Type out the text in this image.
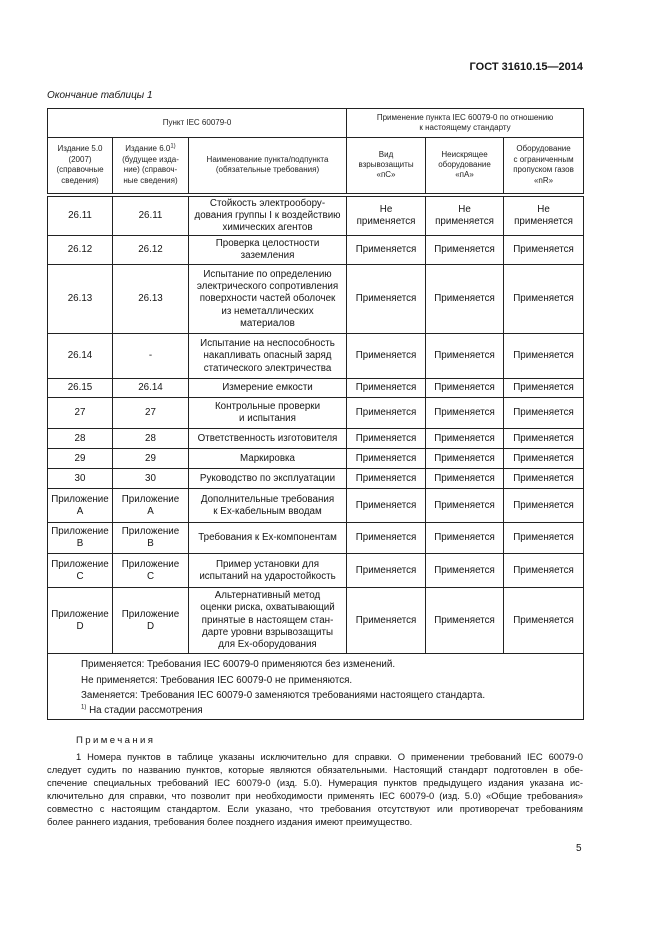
ГОСТ 31610.15—2014
Окончание таблицы 1
Пункт IEC 60079-0			Применение пункта IEC 60079-0 по отношению
к настоящему стандарту		
Издание 5.0
(2007)
(справочные
сведения)	Издание 6.0$^{1)}$
(будущее изда-
ние) (справоч-
ные сведения)	Наименование пункта/подпункта
(обязательные требования)	Вид
взрывозащиты
«пС»	Неискрящее
оборудование
«пА»	Оборудование
с ограниченным
пропуском газов
«nR»
26.11	26.11	Стойкость электрообору-
дования группы I к воздействию
химических агентов	Не
применяется	Не
применяется	Не
применяется
26.12	26.12	Проверка целостности
заземления	Применяется	Применяется	Применяется
26.13	26.13	Испытание по определению
электрического сопротивления
поверхности частей оболочек
из неметаллических
материалов	Применяется	Применяется	Применяется
26.14	-	Испытание на неспособность
накапливать опасный заряд
статического электричества	Применяется	Применяется	Применяется
26.15	26.14	Измерение емкости	Применяется	Применяется	Применяется
27	27	Контрольные проверки
и испытания	Применяется	Применяется	Применяется
28	28	Ответственность изготовителя	Применяется	Применяется	Применяется
29	29	Маркировка	Применяется	Применяется	Применяется
30	30	Руководство по эксплуатации	Применяется	Применяется	Применяется
Приложение
A	Приложение
A	Дополнительные требования
к Ex-кабельным вводам	Применяется	Применяется	Применяется
Приложение
B	Приложение
B	Требования к Ex-компонентам	Применяется	Применяется	Применяется
Приложение
C	Приложение
C	Пример установки для
испытаний на ударостойкость	Применяется	Применяется	Применяется
Приложение
D	Приложение
D	Альтернативный метод
оценки риска, охватывающий
принятые в настоящем стан-
дарте уровни взрывозащиты
для Ex-оборудования	Применяется	Применяется	Применяется

Применяется: Требования IEC 60079-0 применяются без изменений.
Не применяется: Требования IEC 60079-0 не применяются.
Заменяется: Требования IEC 60079-0 заменяются требованиями настоящего стандарта.
$^{1)}$ На стадии рассмотрения					
Примечания
1 Номера пунктов в таблице указаны исключительно для справки. О применении требований IEC 60079-0
следует судить по названию пунктов, которые являются обязательными. Настоящий стандарт подготовлен в обе-
спечение специальных требований IEC 60079-0 (изд. 5.0). Нумерация пунктов предыдущего издания указана ис-
ключительно для справки, что позволит при необходимости применять IEC 60079-0 (изд. 5.0) «Общие требования»
совместно с настоящим стандартом. Если указано, что требования отсутствуют или противоречат требованиям
более раннего издания, требования более позднего издания имеют преимущество.
5
